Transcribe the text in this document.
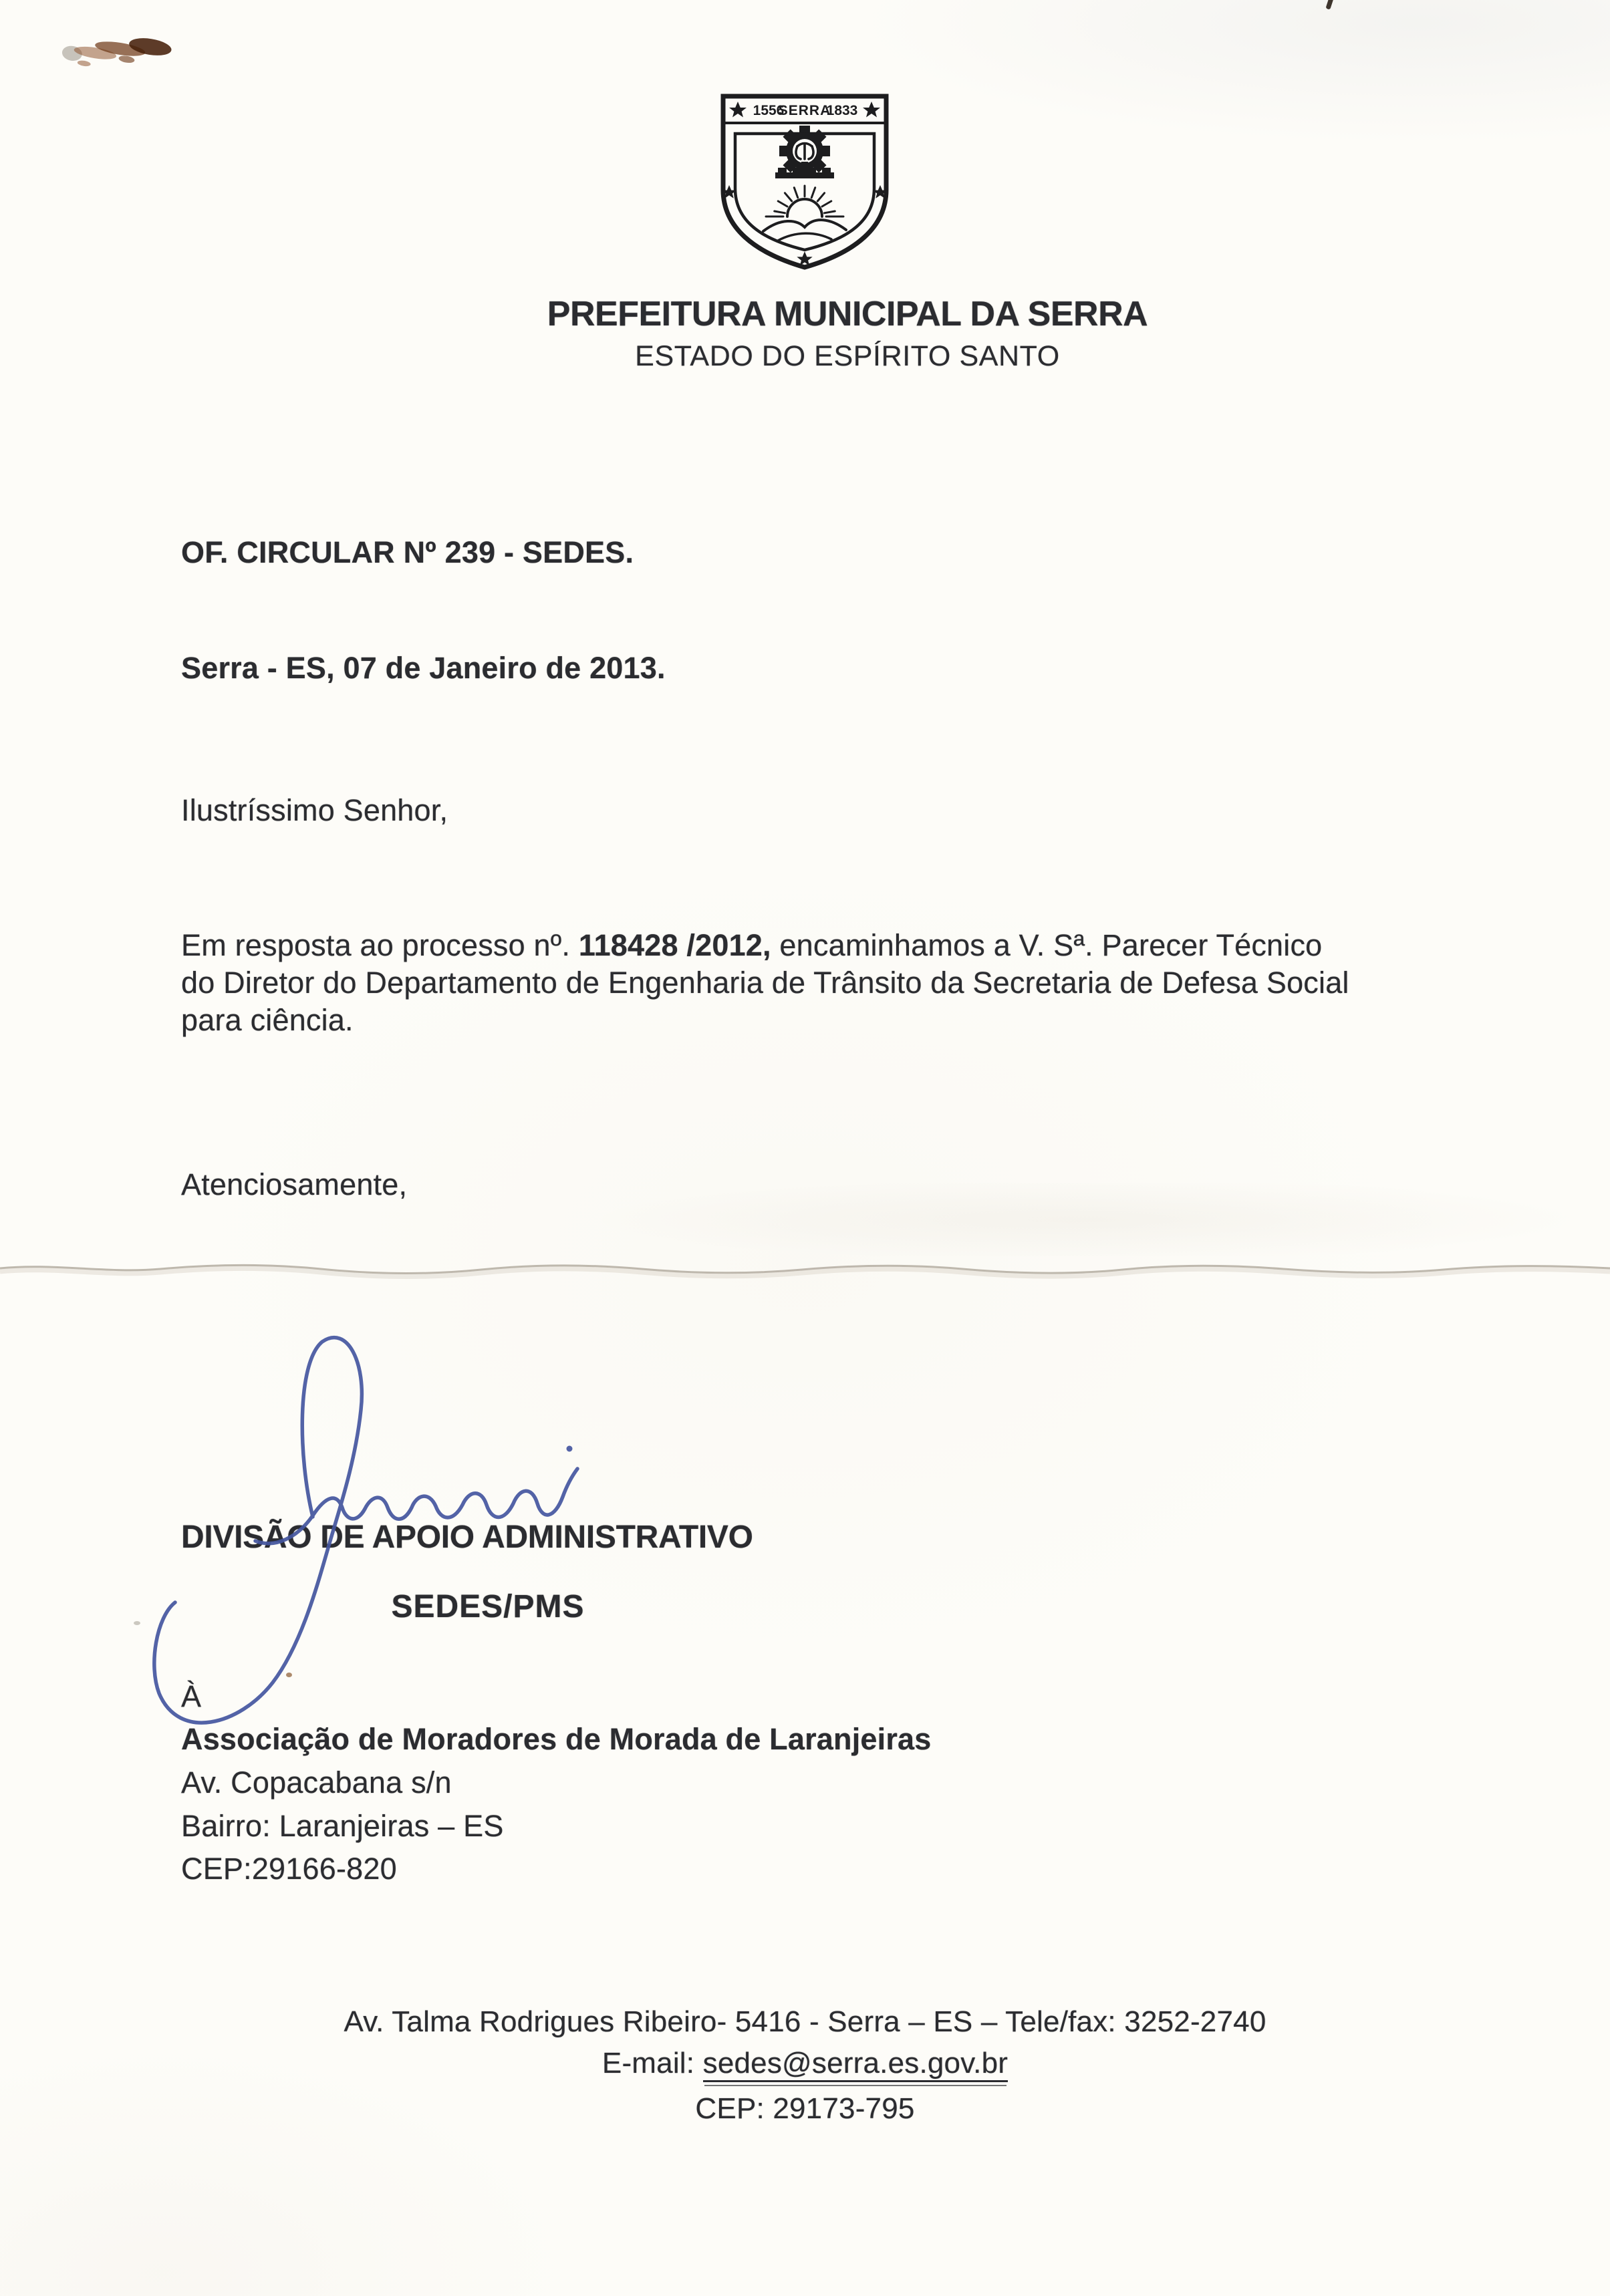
1556
SERRA
1833
PREFEITURA MUNICIPAL DA SERRA
ESTADO DO ESPÍRITO SANTO
OF. CIRCULAR Nº 239 - SEDES.
Serra - ES, 07 de Janeiro de 2013.
Ilustríssimo Senhor,
Em resposta ao processo nº. 118428 /2012, encaminhamos a V. Sª. Parecer Técnico
do Diretor do Departamento de Engenharia de Trânsito da Secretaria de Defesa Social
para ciência.
Atenciosamente,
DIVISÃO DE APOIO ADMINISTRATIVO
SEDES/PMS
À
Associação de Moradores de Morada de Laranjeiras
Av. Copacabana s/n
Bairro: Laranjeiras – ES
CEP:29166-820
Av. Talma Rodrigues Ribeiro- 5416 - Serra – ES – Tele/fax: 3252-2740
E-mail: sedes@serra.es.gov.br
CEP: 29173-795
